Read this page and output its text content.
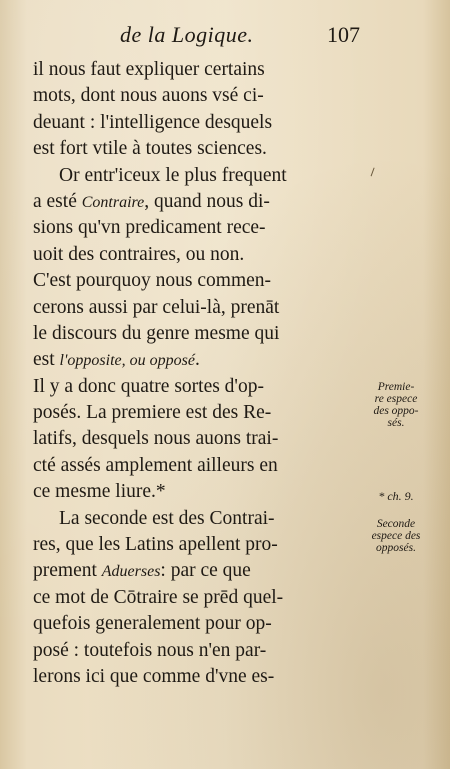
de la Logique.	107
il nous faut expliquer certains
mots, dont nous auons vsé ci-
deuant : l'intelligence desquels
est fort vtile à toutes sciences.
Or entr'iceux le plus frequent
a esté Contraire, quand nous di-
sions qu'vn predicament rece-
uoit des contraires, ou non.
C'est pourquoy nous commen-
cerons aussi par celui-là, prenāt
le discours du genre mesme qui
est l'opposite, ou opposé.
Il y a donc quatre sortes d'op-
posés. La premiere est des Re-
latifs, desquels nous auons trai-
cté assés amplement ailleurs en
ce mesme liure.*
La seconde est des Contrai-
res, que les Latins apellent pro-
prement Aduerses: par ce que
ce mot de Cōtraire se prēd quel-
quefois generalement pour op-
posé : toutefois nous n'en par-
lerons ici que comme d'vne es-
Premie-
re espece
des oppo-
sés.
* ch. 9.
Seconde
espece des
opposés.
